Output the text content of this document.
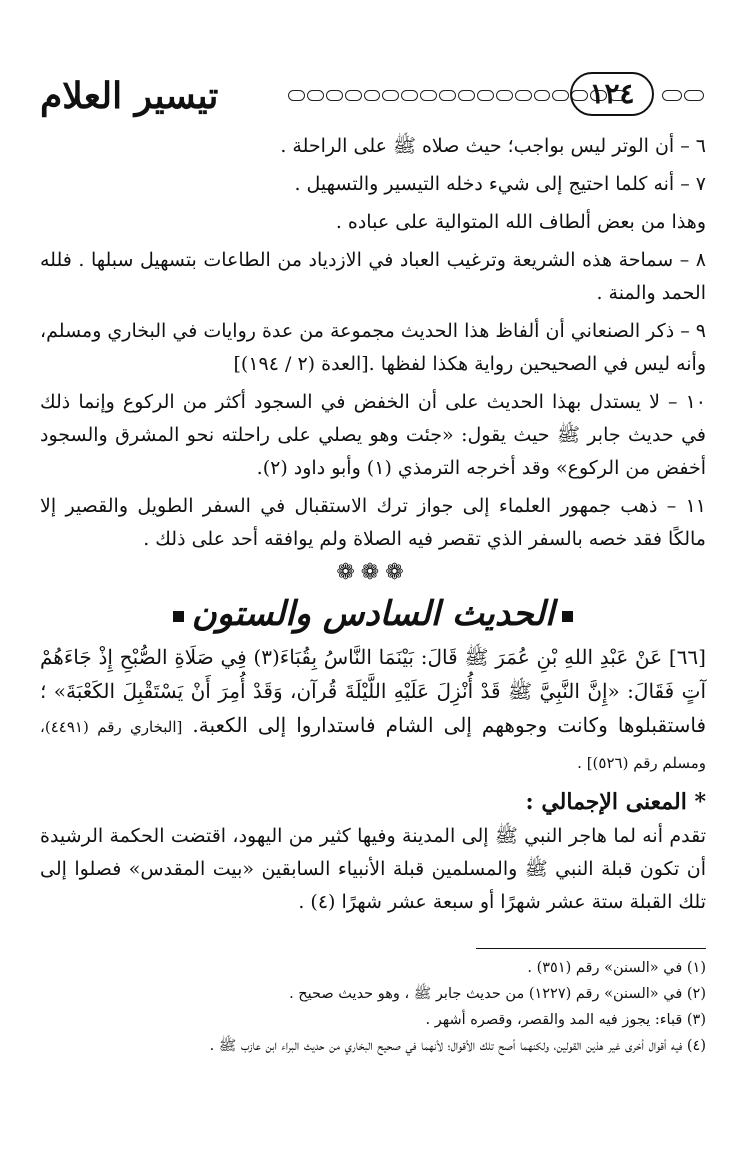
تيسير العلام	١٢٤

٦ – أن الوتر ليس بواجب؛ حيث صلاه ﷺ على الراحلة .

٧ – أنه كلما احتيج إلى شيء دخله التيسير والتسهيل .

وهذا من بعض ألطاف الله المتوالية على عباده .

٨ – سماحة هذه الشريعة وترغيب العباد في الازدياد من الطاعات بتسهيل سبلها . فلله الحمد والمنة .

٩ – ذكر الصنعاني أن ألفاظ هذا الحديث مجموعة من عدة روايات في البخاري ومسلم، وأنه ليس في الصحيحين رواية هكذا لفظها .[العدة (٢ / ١٩٤)]

١٠ – لا يستدل بهذا الحديث على أن الخفض في السجود أكثر من الركوع وإنما ذلك في حديث جابر ﷺ حيث يقول: «جئت وهو يصلي على راحلته نحو المشرق والسجود أخفض من الركوع» وقد أخرجه الترمذي (١) وأبو داود (٢).

١١ – ذهب جمهور العلماء إلى جواز ترك الاستقبال في السفر الطويل والقصير إلا مالكًا فقد خصه بالسفر الذي تقصر فيه الصلاة ولم يوافقه أحد على ذلك .

❁❁❁
الحديث السادس والستون

[٦٦] عَنْ عَبْدِ اللهِ بْنِ عُمَرَ ﷺ قَالَ: بَيْنَمَا النَّاسُ بِقُبَاءَ(٣) فِي صَلَاةِ الصُّبْحِ إِذْ جَاءَهُمْ آتٍ فَقَالَ: «إِنَّ النَّبِيَّ ﷺ قَدْ أُنْزِلَ عَلَيْهِ اللَّيْلَةَ قُرآن، وَقَدْ أُمِرَ أَنْ يَسْتَقْبِلَ الكَعْبَةَ» ؛ فاستقبلوها وكانت وجوههم إلى الشام فاستداروا إلى الكعبة. [البخاري رقم (٤٤٩١)، ومسلم رقم (٥٢٦)] .

* المعنى الإجمالي :

تقدم أنه لما هاجر النبي ﷺ إلى المدينة وفيها كثير من اليهود، اقتضت الحكمة الرشيدة أن تكون قبلة النبي ﷺ والمسلمين قبلة الأنبياء السابقين «بيت المقدس» فصلوا إلى تلك القبلة ستة عشر شهرًا أو سبعة عشر شهرًا (٤) .

(١) في «السنن» رقم (٣٥١) .

(٢) في «السنن» رقم (١٢٢٧) من حديث جابر ﷺ ، وهو حديث صحيح .

(٣) قباء: يجوز فيه المد والقصر، وقصره أشهر .

(٤) فيه أقوال أخرى غير هذين القولين، ولكنهما أصح تلك الأقوال؛ لأنهما في صحيح البخاري من حديث البراء ابن عازب ﷺ .
